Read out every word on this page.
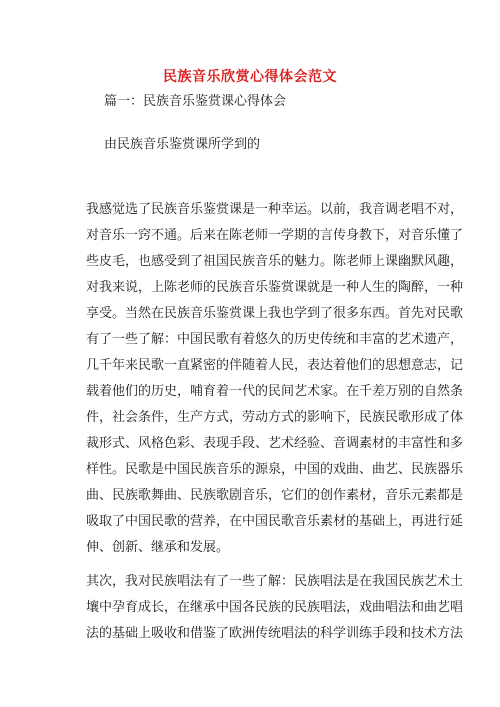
民族音乐欣赏心得体会范文
篇一：民族音乐鉴赏课心得体会
由民族音乐鉴赏课所学到的
我感觉选了民族音乐鉴赏课是一种幸运。以前，我音调老唱不对，
对音乐一窍不通。后来在陈老师一学期的言传身教下，对音乐懂了
些皮毛，也感受到了祖国民族音乐的魅力。陈老师上课幽默风趣，
对我来说，上陈老师的民族音乐鉴赏课就是一种人生的陶醉，一种
享受。当然在民族音乐鉴赏课上我也学到了很多东西。首先对民歌
有了一些了解：中国民歌有着悠久的历史传统和丰富的艺术遗产，
几千年来民歌一直紧密的伴随着人民，表达着他们的思想意志，记
载着他们的历史，哺育着一代的民间艺术家。在千差万别的自然条
件，社会条件，生产方式，劳动方式的影响下，民族民歌形成了体
裁形式、风格色彩、表现手段、艺术经验、音调素材的丰富性和多
样性。民歌是中国民族音乐的源泉，中国的戏曲、曲艺、民族器乐
曲、民族歌舞曲、民族歌剧音乐，它们的创作素材，音乐元素都是
吸取了中国民歌的营养，在中国民歌音乐素材的基础上，再进行延
伸、创新、继承和发展。
其次，我对民族唱法有了一些了解：民族唱法是在我国民族艺术土
壤中孕育成长，在继承中国各民族的民族唱法，戏曲唱法和曲艺唱
法的基础上吸收和借鉴了欧洲传统唱法的科学训练手段和技术方法
